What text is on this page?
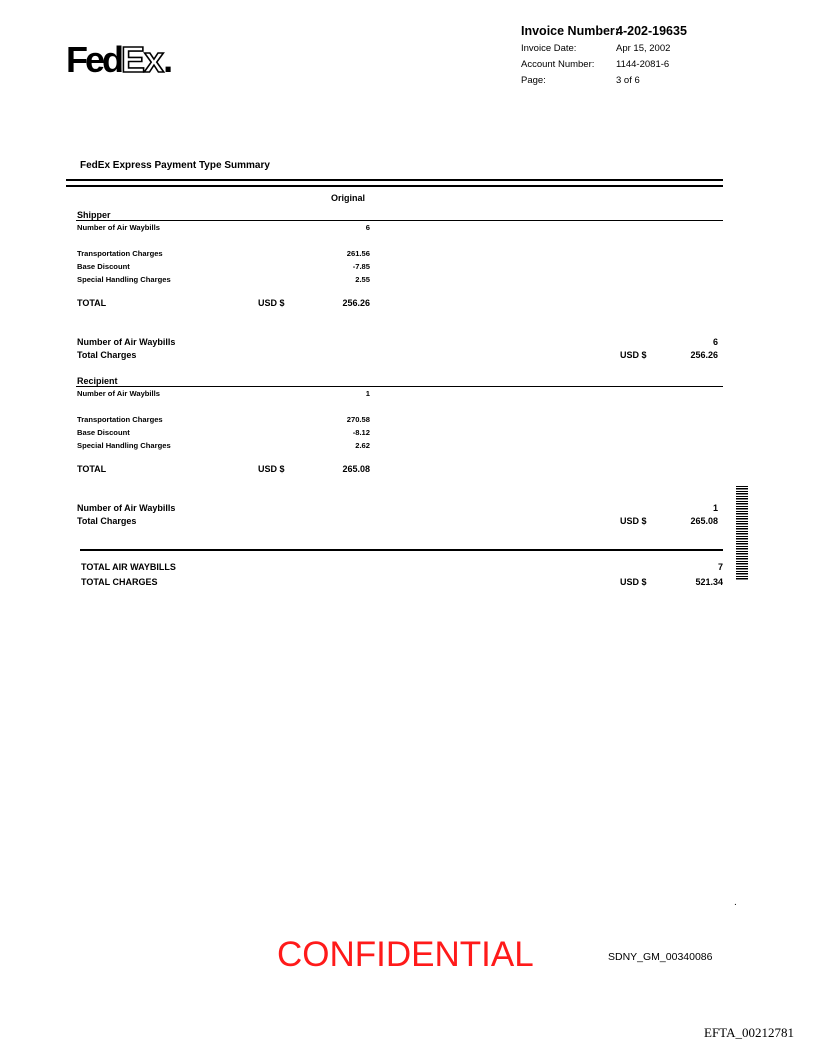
FedEx.
Invoice Number:
4-202-19635
Invoice Date:	Apr 15, 2002
Account Number: 1144-2081-6
Page:	3 of 6
FedEx Express Payment Type Summary
Original
Shipper
Number of Air Waybills	6
Transportation Charges	261.56
Base Discount	-7.85
Special Handling Charges	2.55
TOTAL	USD $	256.26
Number of Air Waybills	6
Total Charges	USD $	256.26
Recipient
Number of Air Waybills	1
Transportation Charges	270.58
Base Discount	-8.12
Special Handling Charges	2.62
TOTAL	USD $	265.08
Number of Air Waybills	1
Total Charges	USD $	265.08
TOTAL AIR WAYBILLS	7
TOTAL CHARGES	USD $	521.34
.
CONFIDENTIAL	SDNY_GM_00340086
EFTA_00212781
